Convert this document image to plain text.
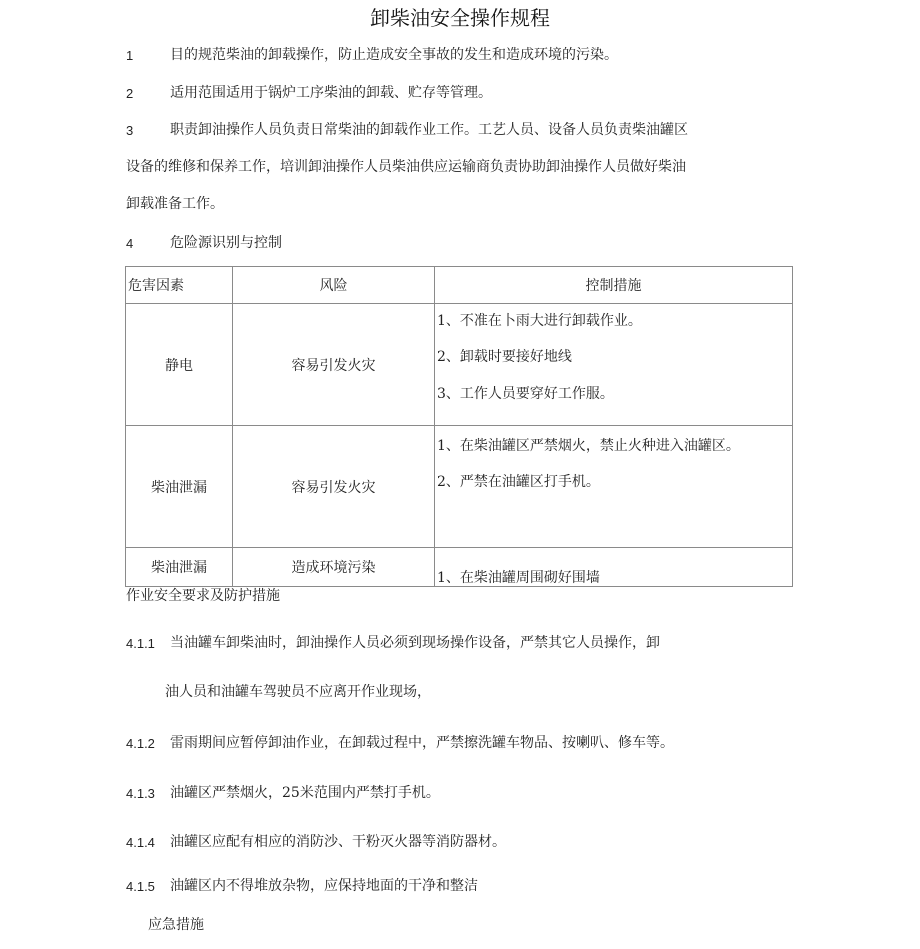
卸柴油安全操作规程
1	目的规范柴油的卸载操作，防止造成安全事故的发生和造成环境的污染。
2	适用范围适用于锅炉工序柴油的卸载、贮存等管理。
3	职责卸油操作人员负责日常柴油的卸载作业工作。工艺人员、设备人员负责柴油罐区
设备的维修和保养工作，培训卸油操作人员柴油供应运输商负责协助卸油操作人员做好柴油
卸载准备工作。
4	危险源识别与控制
危害因素	风险	控制措施
静电	容易引发火灾	1、不准在卜雨大进行卸载作业。
2、卸载时要接好地线
3、工作人员要穿好工作服。

柴油泄漏	容易引发火灾	1、在柴油罐区严禁烟火，禁止火种进入油罐区。
2、严禁在油罐区打手机。

柴油泄漏	造成环境污染	1、在柴油罐周围砌好围墙
作业安全要求及防护措施
4.1.1 当油罐车卸柴油时，卸油操作人员必须到现场操作设备，严禁其它人员操作，卸
油人员和油罐车驾驶员不应离开作业现场，
4.1.2 雷雨期间应暂停卸油作业，在卸载过程中，严禁擦洗罐车物品、按喇叭、修车等。
4.1.3 油罐区严禁烟火，25米范围内严禁打手机。
4.1.4 油罐区应配有相应的消防沙、干粉灭火器等消防器材。
4.1.5 油罐区内不得堆放杂物，应保持地面的干净和整洁
应急措施
